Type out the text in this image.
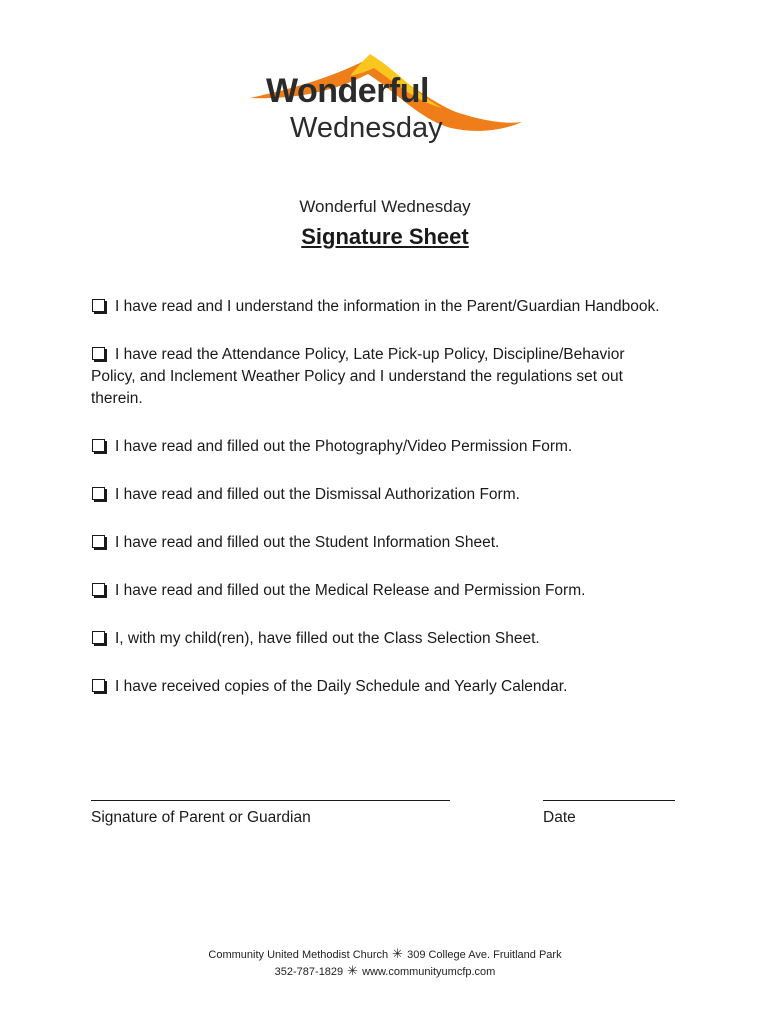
Wonderful
Wednesday
Wonderful Wednesday
Signature Sheet
I have read and I understand the information in the Parent/Guardian Handbook.
I have read the Attendance Policy, Late Pick-up Policy, Discipline/Behavior Policy, and Inclement Weather Policy and I understand the regulations set out therein.
I have read and filled out the Photography/Video Permission Form.
I have read and filled out the Dismissal Authorization Form.
I have read and filled out the Student Information Sheet.
I have read and filled out the Medical Release and Permission Form.
I, with my child(ren), have filled out the Class Selection Sheet.
I have received copies of the Daily Schedule and Yearly Calendar.
Signature of Parent or Guardian	Date
Community United Methodist Church ✳ 309 College Ave. Fruitland Park
352-787-1829 ✳ www.communityumcfp.com
